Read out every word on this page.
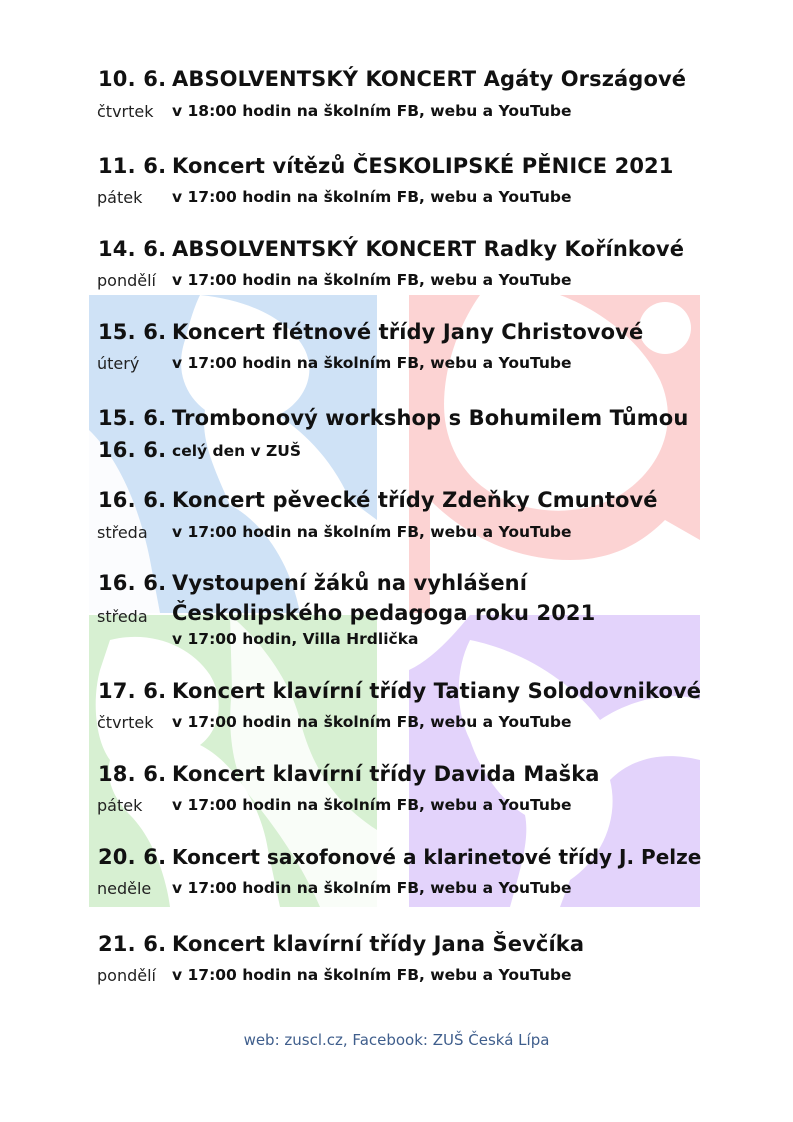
10. 6. ABSOLVENTSKÝ KONCERT Agáty Országové
čtvrtek v 18:00 hodin na školním FB, webu a YouTube
11. 6. Koncert vítězů ČESKOLIPSKÉ PĚNICE 2021
pátek v 17:00 hodin na školním FB, webu a YouTube
14. 6. ABSOLVENTSKÝ KONCERT Radky Kořínkové
pondělí v 17:00 hodin na školním FB, webu a YouTube
15. 6. Koncert flétnové třídy Jany Christovové
úterý v 17:00 hodin na školním FB, webu a YouTube
15. 6. Trombonový workshop s Bohumilem Tůmou
16. 6. celý den v ZUŠ
16. 6. Koncert pěvecké třídy Zdeňky Cmuntové
středa v 17:00 hodin na školním FB, webu a YouTube
16. 6. Vystoupení žáků na vyhlášení
středa Českolipského pedagoga roku 2021
v 17:00 hodin, Villa Hrdlička
17. 6. Koncert klavírní třídy Tatiany Solodovnikové
čtvrtek v 17:00 hodin na školním FB, webu a YouTube
18. 6. Koncert klavírní třídy Davida Maška
pátek v 17:00 hodin na školním FB, webu a YouTube
20. 6. Koncert saxofonové a klarinetové třídy J. Pelze
neděle v 17:00 hodin na školním FB, webu a YouTube
21. 6. Koncert klavírní třídy Jana Ševčíka
pondělí v 17:00 hodin na školním FB, webu a YouTube
web: zuscl.cz, Facebook: ZUŠ Česká Lípa
